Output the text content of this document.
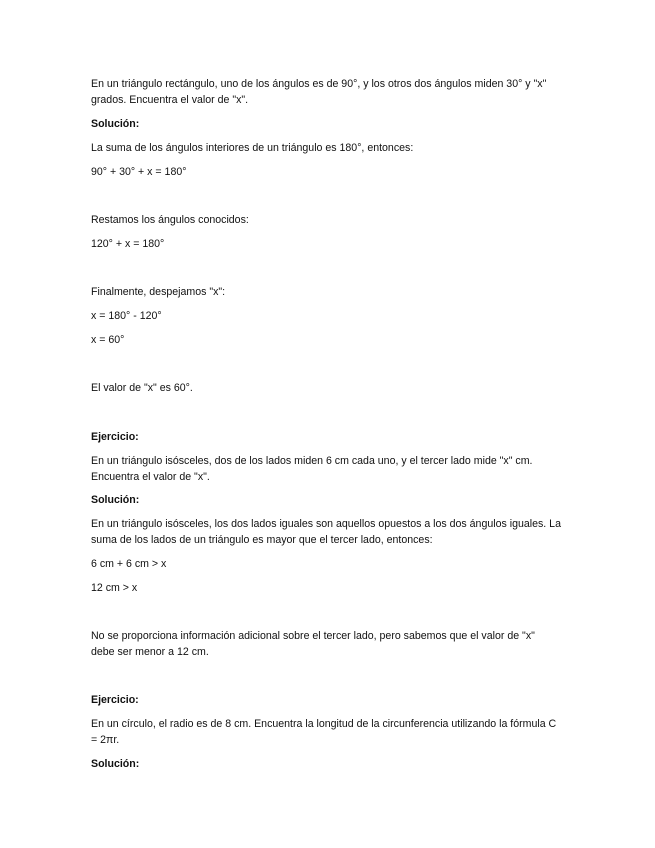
En un triángulo rectángulo, uno de los ángulos es de 90°, y los otros dos ángulos miden 30° y "x" grados. Encuentra el valor de "x".

Solución:

La suma de los ángulos interiores de un triángulo es 180°, entonces:

90° + 30° + x = 180°

Restamos los ángulos conocidos:

120° + x = 180°

Finalmente, despejamos "x":

x = 180° - 120°

x = 60°

El valor de "x" es 60°.

Ejercicio:

En un triángulo isósceles, dos de los lados miden 6 cm cada uno, y el tercer lado mide "x" cm. Encuentra el valor de "x".

Solución:

En un triángulo isósceles, los dos lados iguales son aquellos opuestos a los dos ángulos iguales. La suma de los lados de un triángulo es mayor que el tercer lado, entonces:

6 cm + 6 cm > x

12 cm > x

No se proporciona información adicional sobre el tercer lado, pero sabemos que el valor de "x" debe ser menor a 12 cm.

Ejercicio:

En un círculo, el radio es de 8 cm. Encuentra la longitud de la circunferencia utilizando la fórmula C = 2πr.

Solución:
